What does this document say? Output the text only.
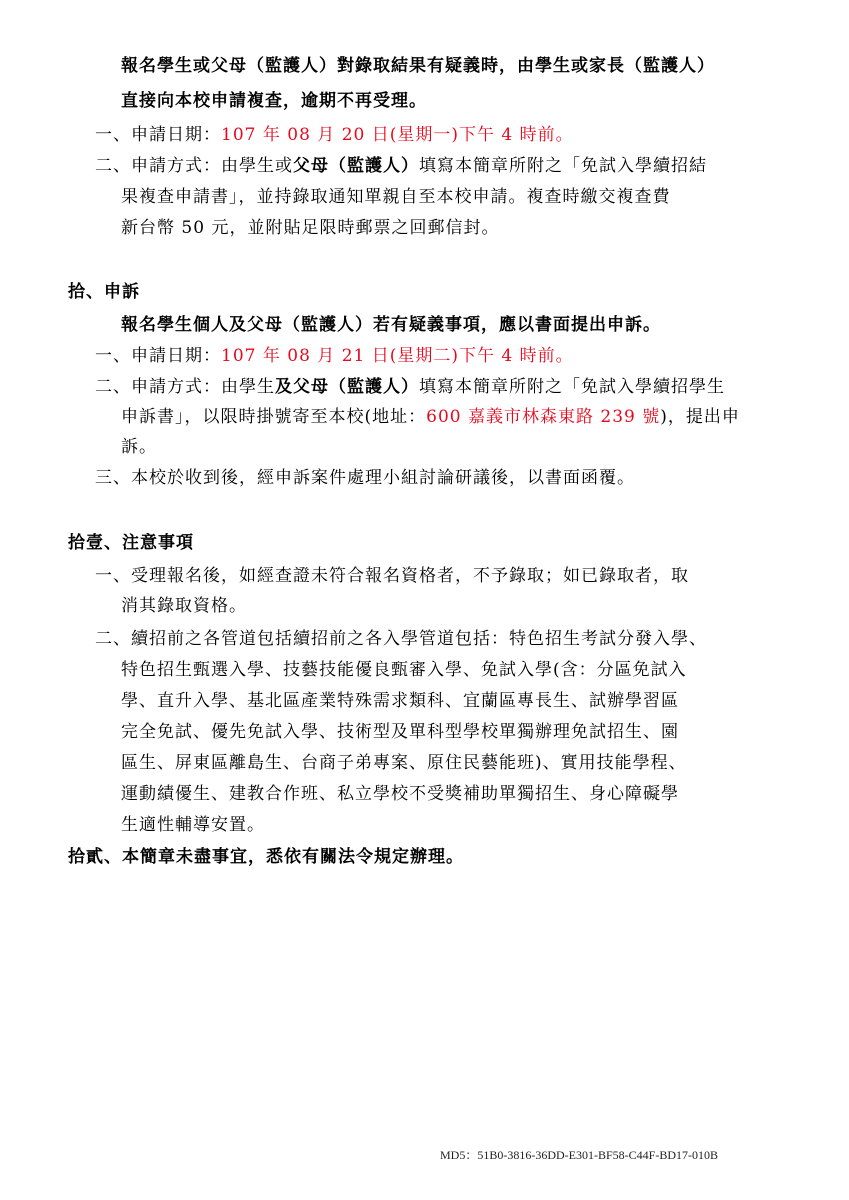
報名學生或父母（監護人）對錄取結果有疑義時，由學生或家長（監護人）
直接向本校申請複查，逾期不再受理。
一、申請日期：107 年 08 月 20 日(星期一)下午 4 時前。
二、申請方式：由學生或父母（監護人）填寫本簡章所附之「免試入學續招結
果複查申請書」，並持錄取通知單親自至本校申請。複查時繳交複查費
新台幣 50 元，並附貼足限時郵票之回郵信封。
拾、申訴
報名學生個人及父母（監護人）若有疑義事項，應以書面提出申訴。
一、申請日期：107 年 08 月 21 日(星期二)下午 4 時前。
二、申請方式：由學生及父母（監護人）填寫本簡章所附之「免試入學續招學生
申訴書」，以限時掛號寄至本校(地址：600 嘉義市林森東路 239 號)，提出申
訴。
三、本校於收到後，經申訴案件處理小組討論研議後，以書面函覆。
拾壹、注意事項
一、受理報名後，如經查證未符合報名資格者，不予錄取；如已錄取者，取
消其錄取資格。
二、續招前之各管道包括續招前之各入學管道包括：特色招生考試分發入學、
特色招生甄選入學、技藝技能優良甄審入學、免試入學(含：分區免試入
學、直升入學、基北區產業特殊需求類科、宜蘭區專長生、試辦學習區
完全免試、優先免試入學、技術型及單科型學校單獨辦理免試招生、園
區生、屏東區離島生、台商子弟專案、原住民藝能班)、實用技能學程、
運動績優生、建教合作班、私立學校不受獎補助單獨招生、身心障礙學
生適性輔導安置。
拾貳、本簡章未盡事宜，悉依有關法令規定辦理。
MD5：51B0-3816-36DD-E301-BF58-C44F-BD17-010B
